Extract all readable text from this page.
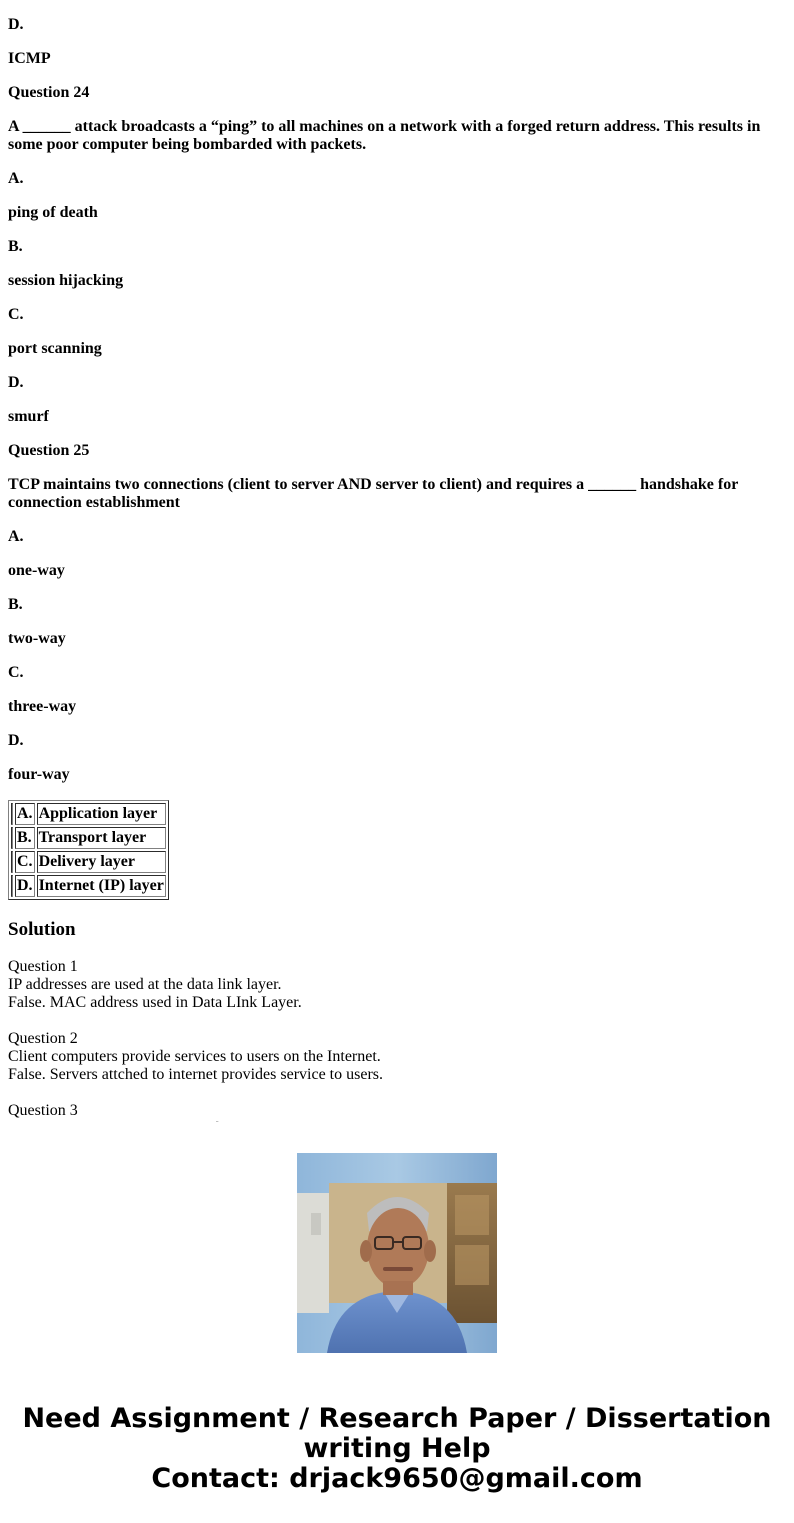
D.

ICMP

Question 24

A ______ attack broadcasts a “ping” to all machines on a network with a forged return address. This results in some poor computer being bombarded with packets.

A.

ping of death

B.

session hijacking

C.

port scanning

D.

smurf

Question 25

TCP maintains two connections (client to server AND server to client) and requires a ______ handshake for connection establishment

A.

one-way

B.

two-way

C.

three-way

D.

four-way

	A.	Application layer
	B.	Transport layer
	C.	Delivery layer
	D.	Internet (IP) layer
Solution

Question 1

IP addresses are used at the data link layer.

False. MAC address used in Data LInk Layer.

Question 2

Client computers provide services to users on the Internet.

False. Servers attched to internet provides service to users.

Question 3

Need Assignment / Research Paper / Dissertation
writing Help
Contact: drjack9650@gmail.com
